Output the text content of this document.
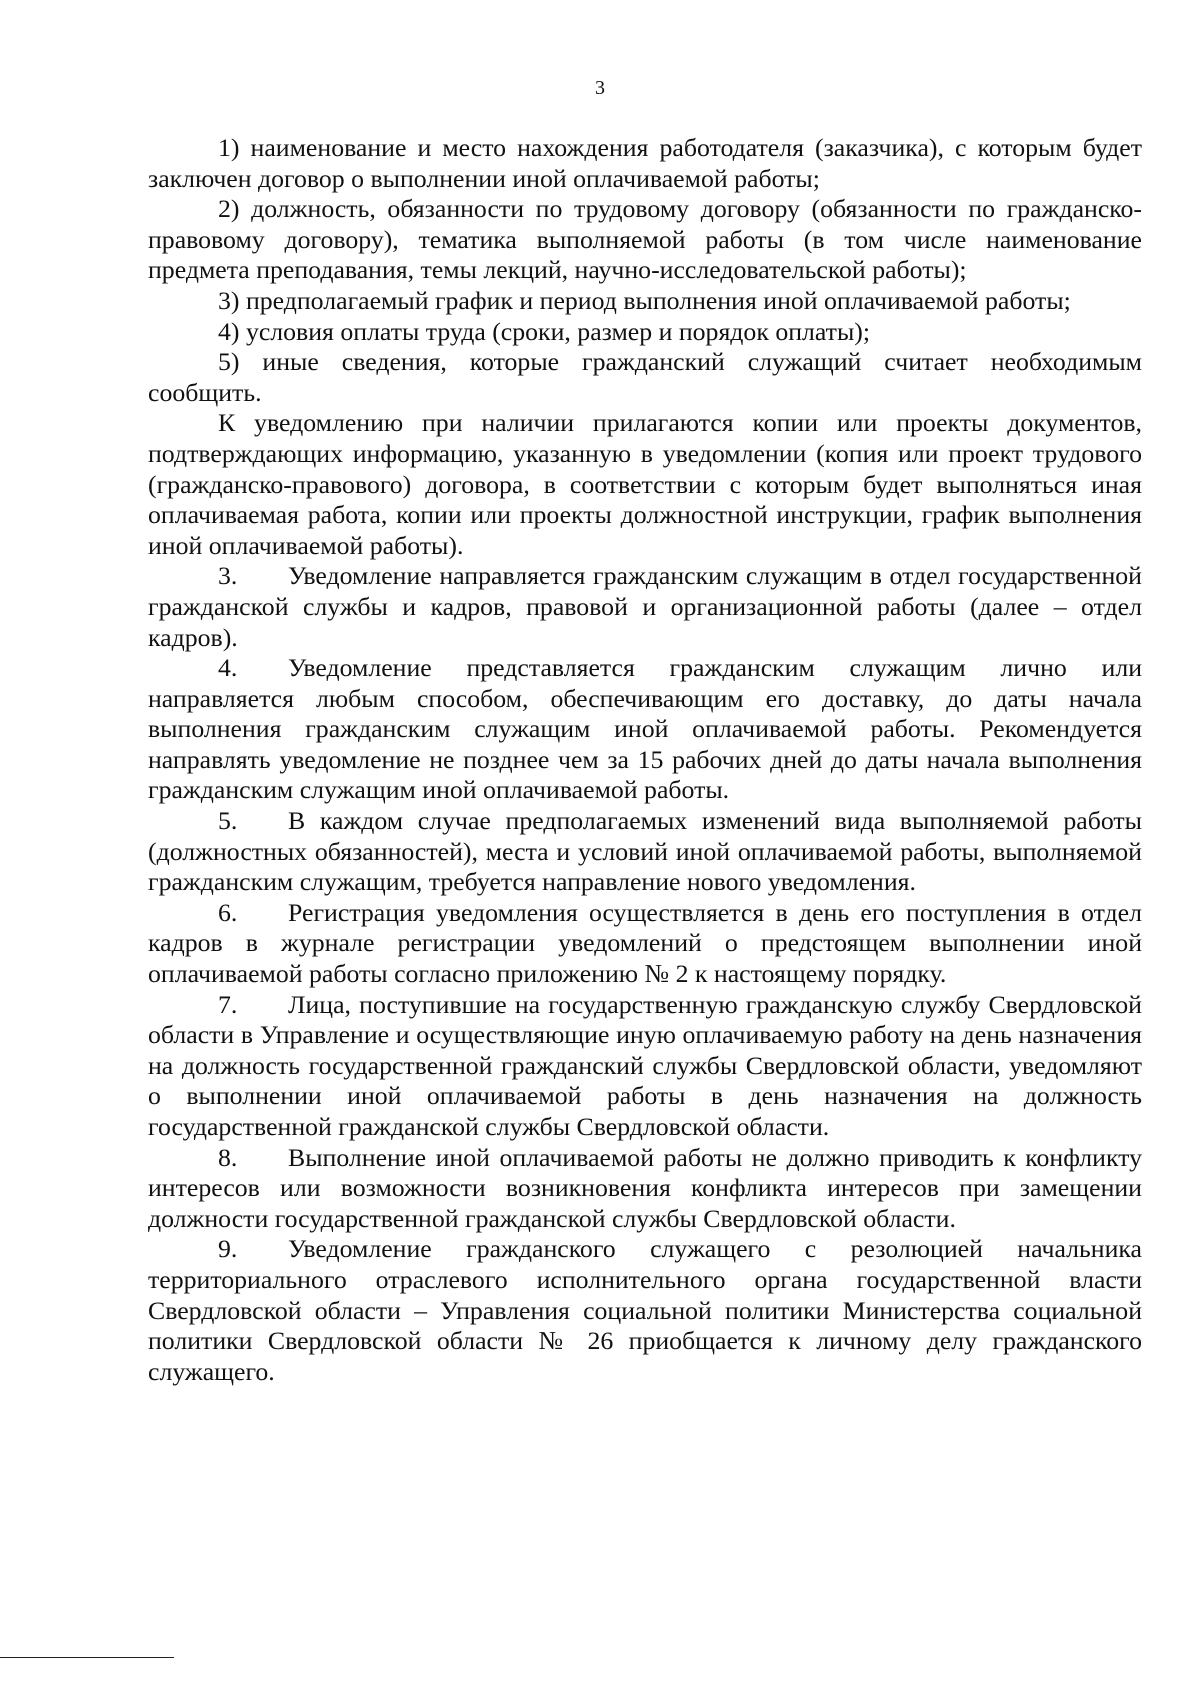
3

1) наименование и место нахождения работодателя (заказчика), с которым будет заключен договор о выполнении иной оплачиваемой работы;

2) должность, обязанности по трудовому договору (обязанности по гражданско-правовому договору), тематика выполняемой работы (в том числе наименование предмета преподавания, темы лекций, научно-исследовательской работы);

3) предполагаемый график и период выполнения иной оплачиваемой работы;

4) условия оплаты труда (сроки, размер и порядок оплаты);

5) иные сведения, которые гражданский служащий считает необходимым сообщить.

К уведомлению при наличии прилагаются копии или проекты документов, подтверждающих информацию, указанную в уведомлении (копия или проект трудового (гражданско-правового) договора, в соответствии с которым будет выполняться иная оплачиваемая работа, копии или проекты должностной инструкции, график выполнения иной оплачиваемой работы).

3. Уведомление направляется гражданским служащим в отдел государственной гражданской службы и кадров, правовой и организационной работы (далее – отдел кадров).

4. Уведомление представляется гражданским служащим лично или направляется любым способом, обеспечивающим его доставку, до даты начала выполнения гражданским служащим иной оплачиваемой работы. Рекомендуется направлять уведомление не позднее чем за 15 рабочих дней до даты начала выполнения гражданским служащим иной оплачиваемой работы.

5. В каждом случае предполагаемых изменений вида выполняемой работы (должностных обязанностей), места и условий иной оплачиваемой работы, выполняемой гражданским служащим, требуется направление нового уведомления.

6. Регистрация уведомления осуществляется в день его поступления в отдел кадров в журнале регистрации уведомлений о предстоящем выполнении иной оплачиваемой работы согласно приложению № 2 к настоящему порядку.

7. Лица, поступившие на государственную гражданскую службу Свердловской области в Управление и осуществляющие иную оплачиваемую работу на день назначения на должность государственной гражданский службы Свердловской области, уведомляют о выполнении иной оплачиваемой работы в день назначения на должность государственной гражданской службы Свердловской области.

8. Выполнение иной оплачиваемой работы не должно приводить к конфликту интересов или возможности возникновения конфликта интересов при замещении должности государственной гражданской службы Свердловской области.

9. Уведомление гражданского служащего с резолюцией начальника территориального отраслевого исполнительного органа государственной власти Свердловской области – Управления социальной политики Министерства социальной политики Свердловской области № 26 приобщается к личному делу гражданского служащего.
